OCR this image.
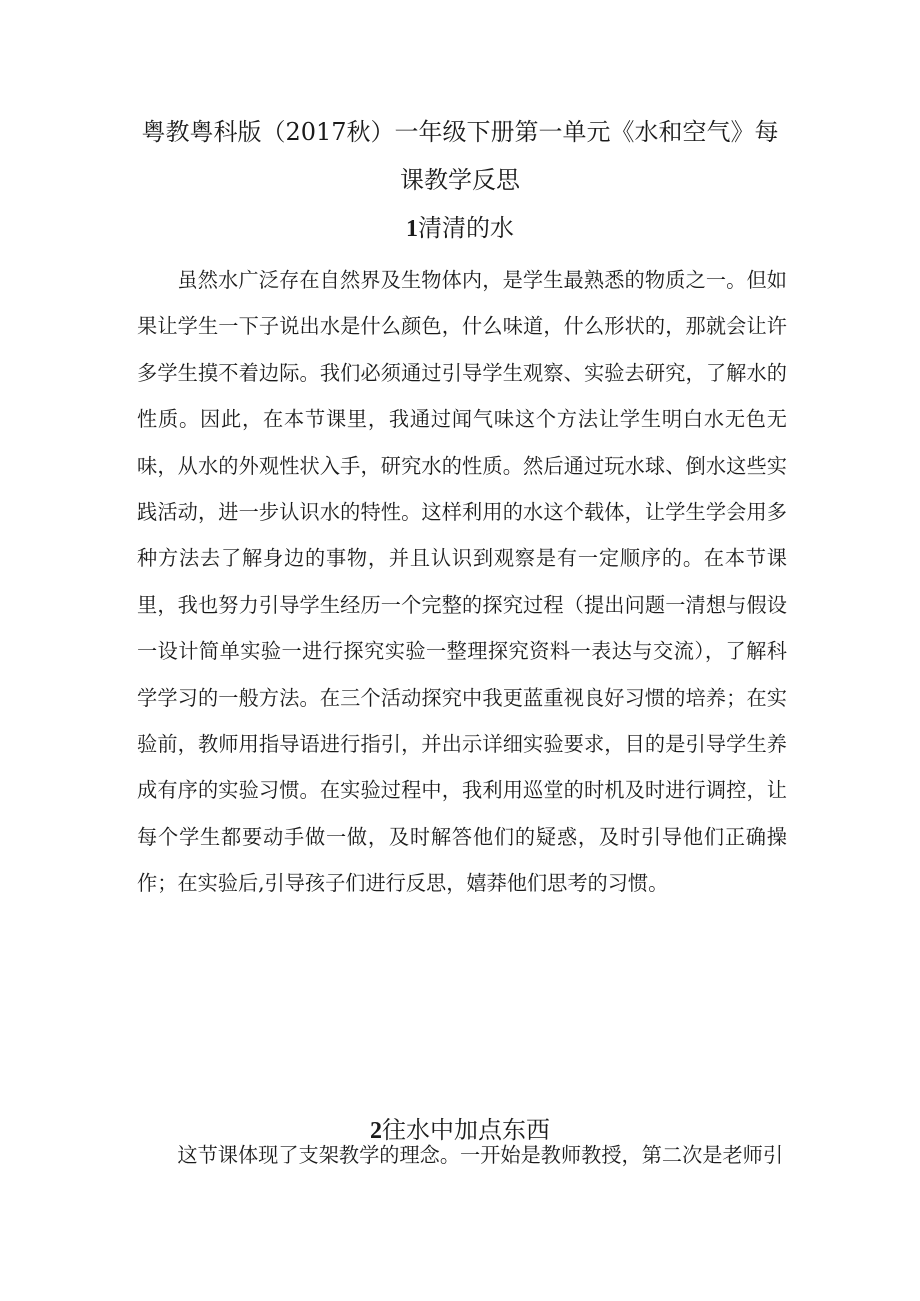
粤教粤科版（2017秋）一年级下册第一单元《水和空气》每
课教学反思
1清清的水

虽然水广泛存在自然界及生物体内，是学生最熟悉的物质之一。但如果让学生一下子说出水是什么颜色，什么味道，什么形状的，那就会让许多学生摸不着边际。我们必须通过引导学生观察、实验去研究，了解水的性质。因此，在本节课里，我通过闻气味这个方法让学生明白水无色无味，从水的外观性状入手，研究水的性质。然后通过玩水球、倒水这些实践活动，进一步认识水的特性。这样利用的水这个载体，让学生学会用多种方法去了解身边的事物，并且认识到观察是有一定顺序的。在本节课里，我也努力引导学生经历一个完整的探究过程（提出问题一清想与假设一设计简单实验一进行探究实验一整理探究资料一表达与交流），了解科学学习的一般方法。在三个活动探究中我更蓝重视良好习惯的培养；在实验前，教师用指导语进行指引，并出示详细实验要求，目的是引导学生养成有序的实验习惯。在实验过程中，我利用巡堂的时机及时进行调控，让每个学生都要动手做一做，及时解答他们的疑惑，及时引导他们正确操作；在实验后,引导孩子们进行反思，嬉莽他们思考的习惯。

2往水中加点东西

这节课体现了支架教学的理念。一开始是教师教授，第二次是老师引
